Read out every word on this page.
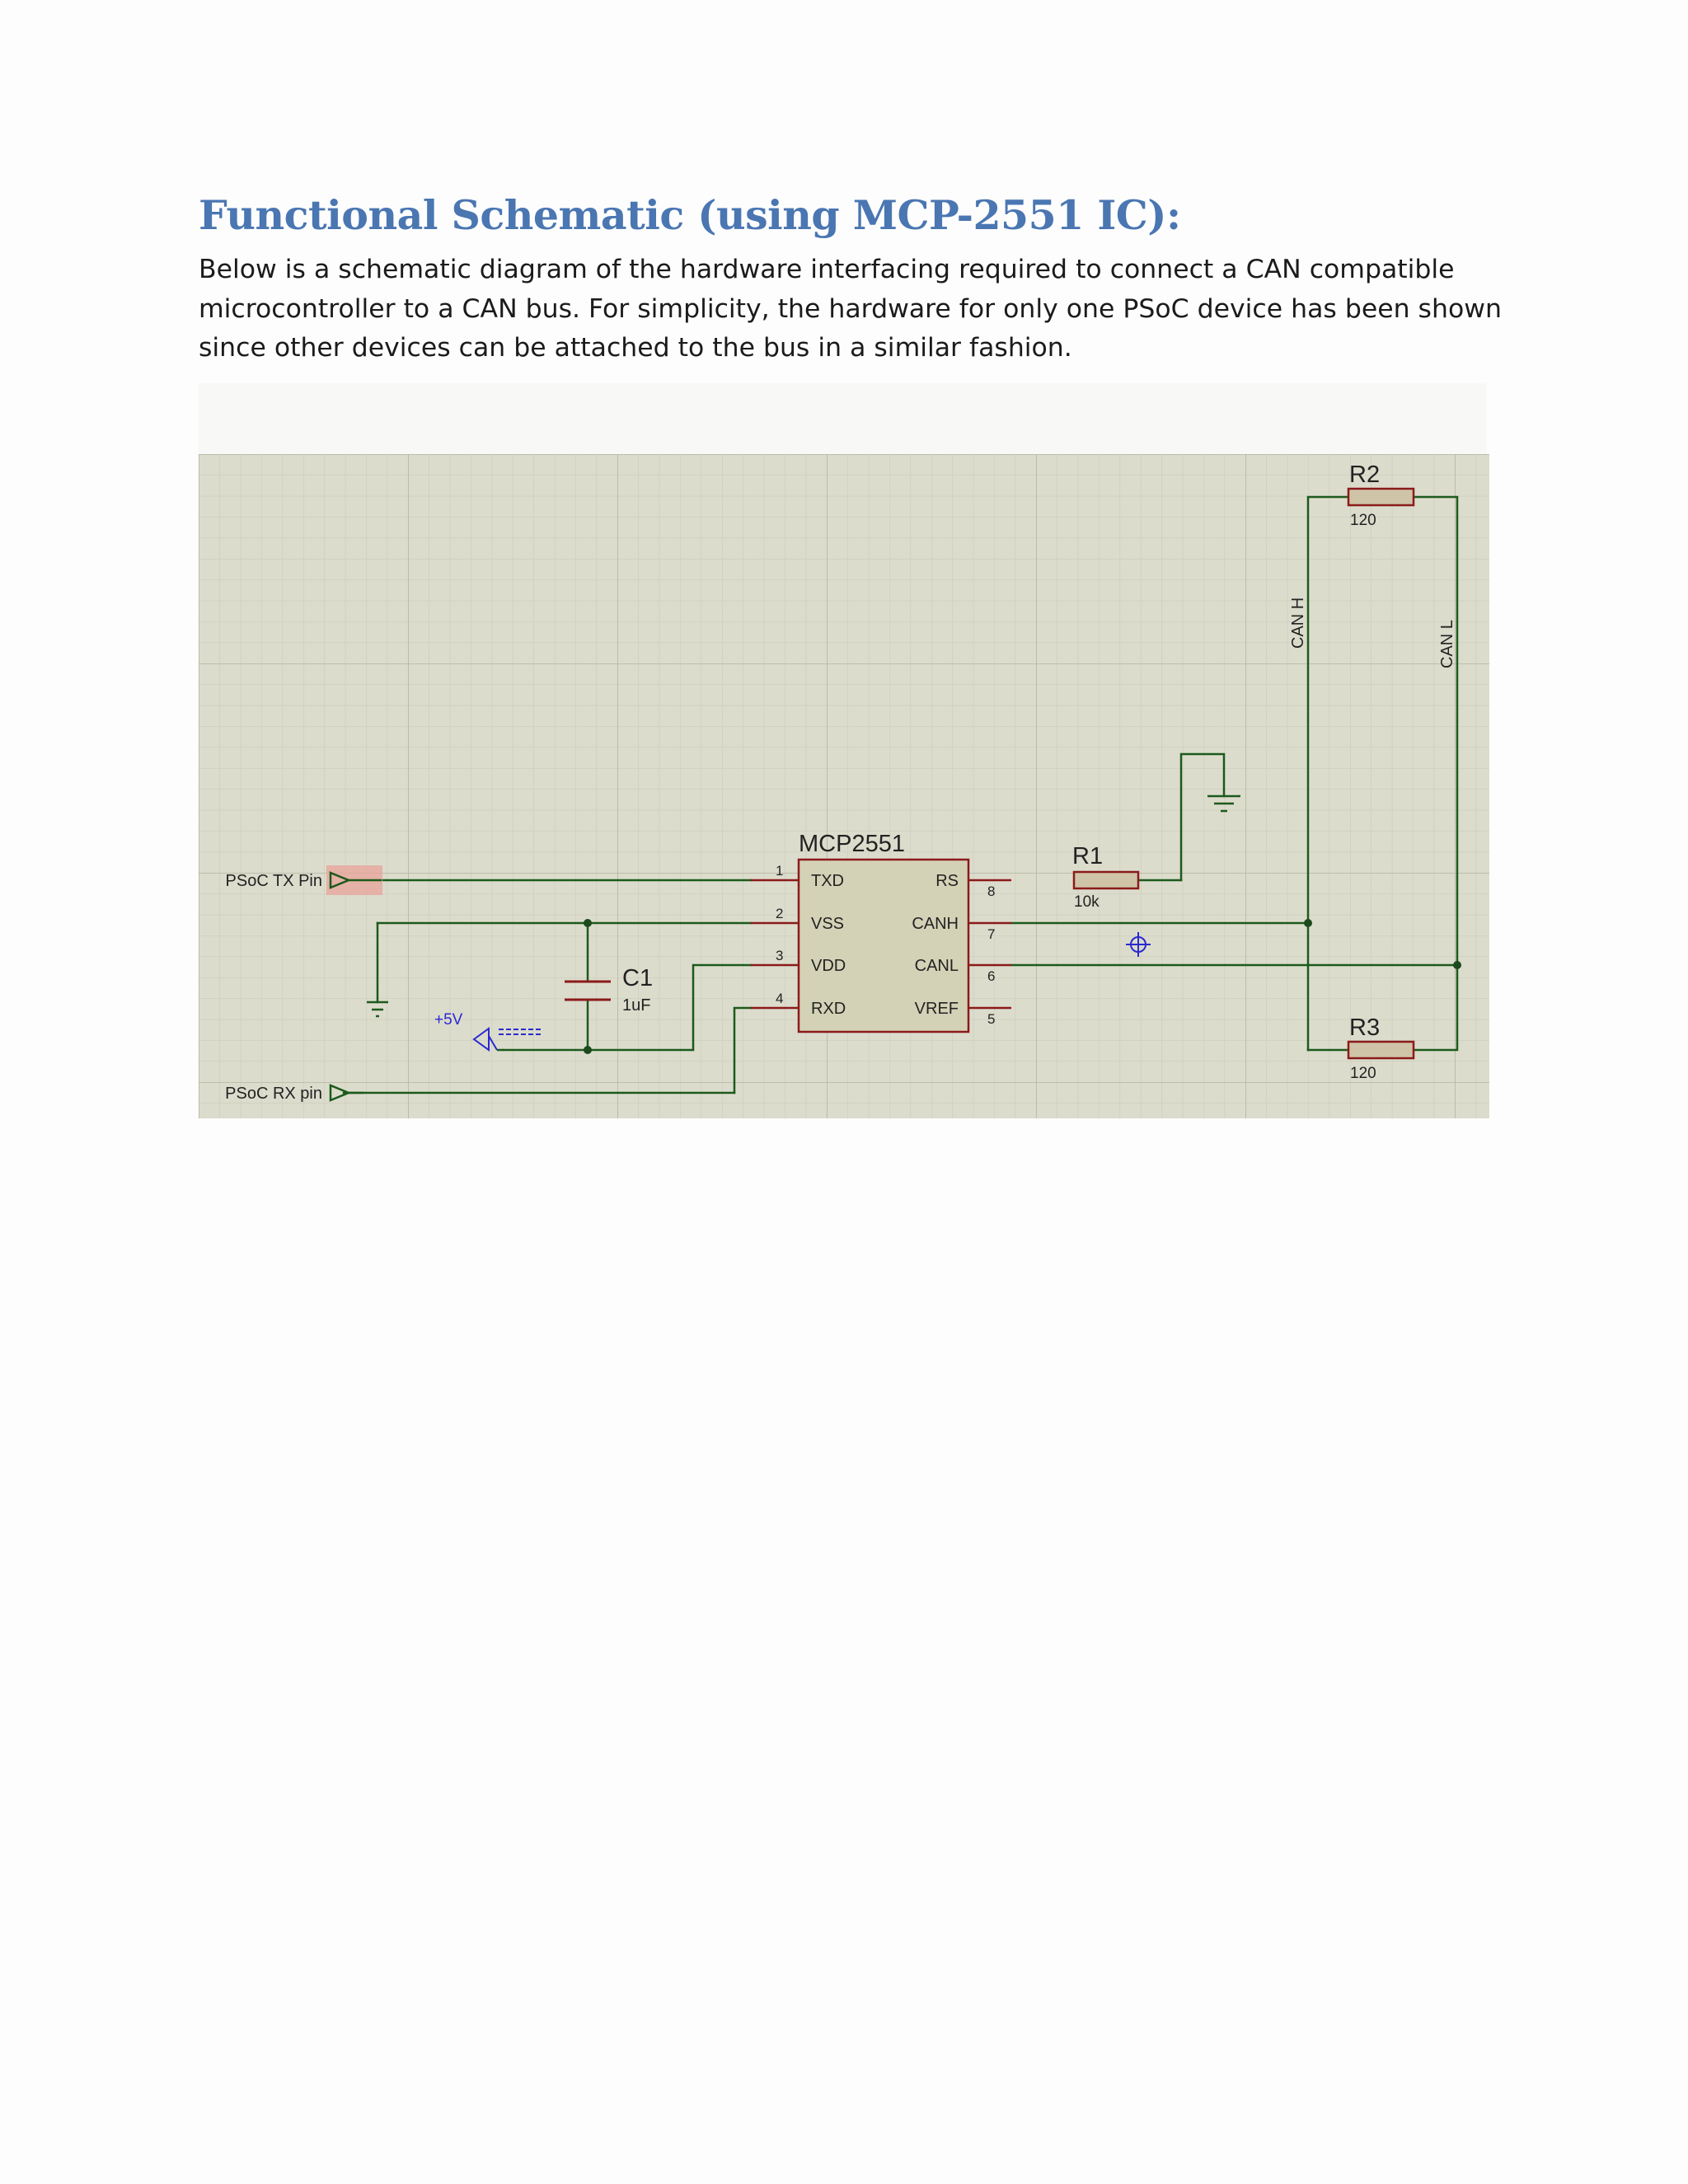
Functional Schematic (using MCP-2551 IC):
Below is a schematic diagram of the hardware interfacing required to connect a CAN compatible
microcontroller to a CAN bus. For simplicity, the hardware for only one PSoC device has been shown
since other devices can be attached to the bus in a similar fashion.
C1
1uF
+5V
PSoC TX Pin
PSoC RX pin
MCP2551
1
2
3
4
TXD
VSS
VDD
RXD
RS
CANH
CANL
VREF
8
7
6
5
R1
10k
R2
120
R3
120
CAN H	CAN L
